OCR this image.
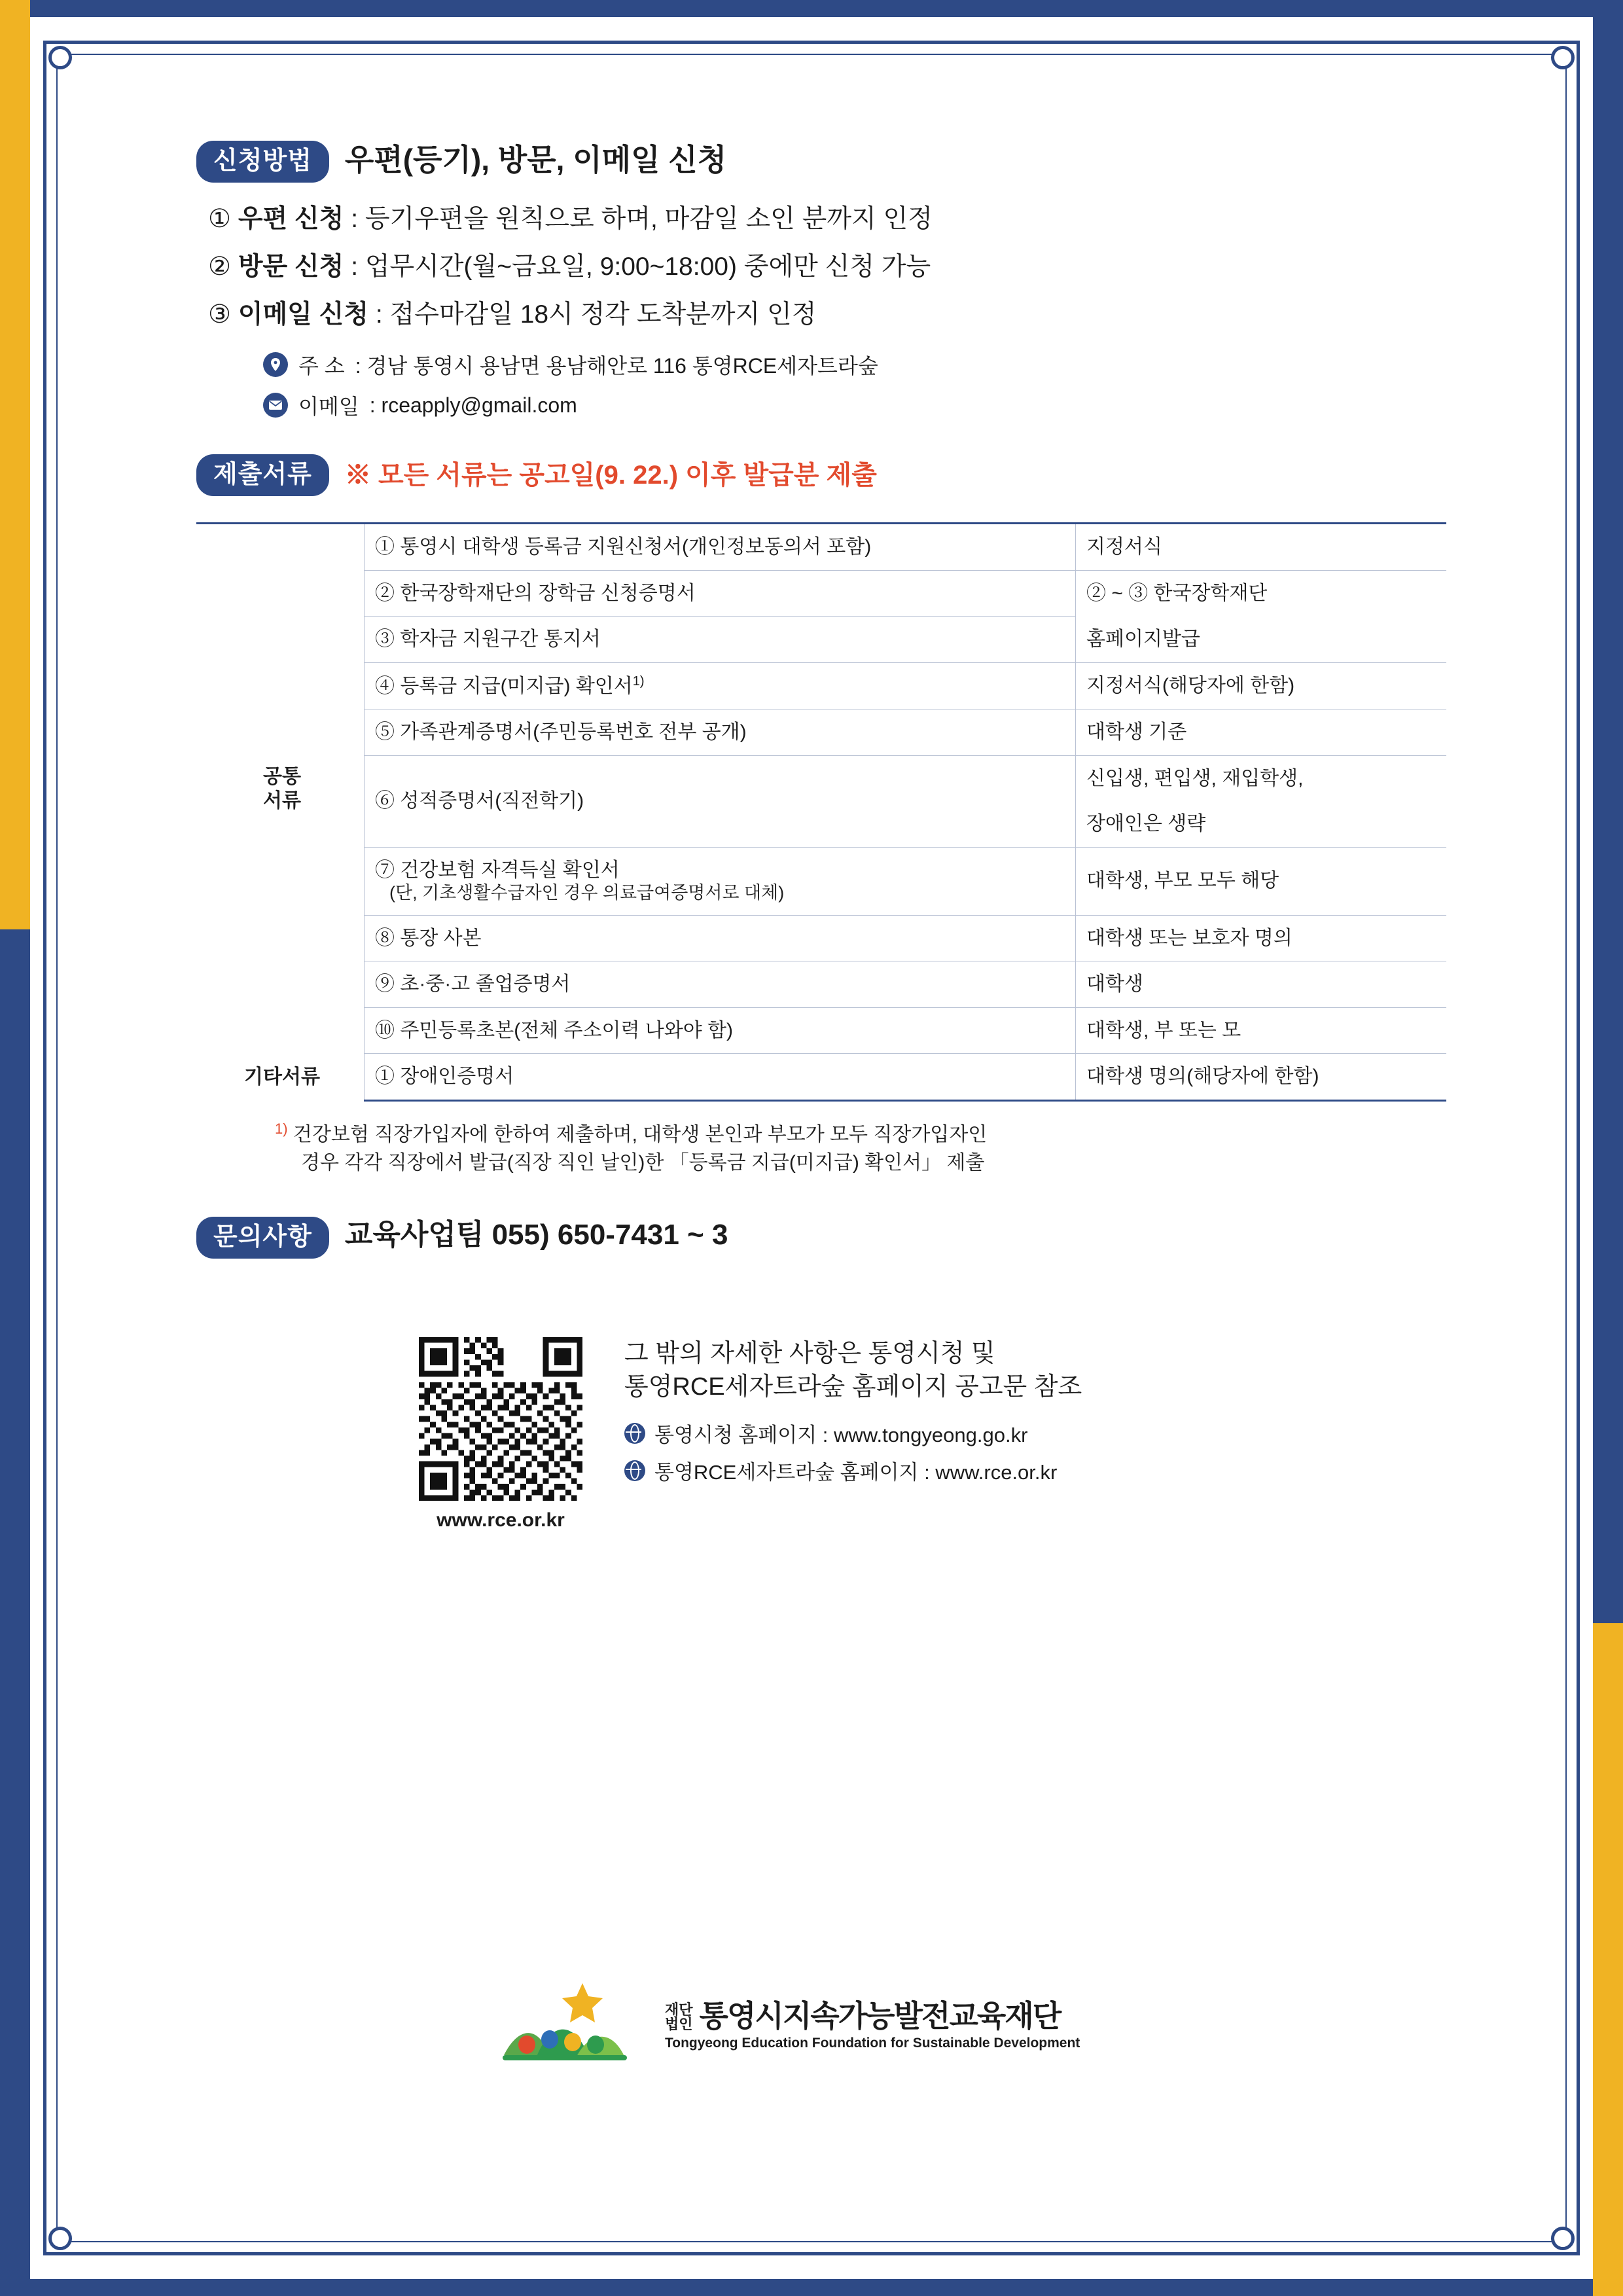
신청방법	우편(등기), 방문, 이메일 신청
① 우편 신청 : 등기우편을 원칙으로 하며, 마감일 소인 분까지 인정
② 방문 신청 : 업무시간(월~금요일, 9:00~18:00) 중에만 신청 가능
③ 이메일 신청 : 접수마감일 18시 정각 도착분까지 인정
주 소 : 경남 통영시 용남면 용남해안로 116 통영RCE세자트라숲
이메일 : rceapply@gmail.com
제출서류	※ 모든 서류는 공고일(9. 22.) 이후 발급분 제출
공통
서류	① 통영시 대학생 등록금 지원신청서(개인정보동의서 포함)	지정서식
	② 한국장학재단의 장학금 신청증명서	② ~ ③ 한국장학재단
	③ 학자금 지원구간 통지서	홈페이지발급
	④ 등록금 지급(미지급) 확인서$^{1)}$	지정서식(해당자에 한함)
	⑤ 가족관계증명서(주민등록번호 전부 공개)	대학생 기준
	⑥ 성적증명서(직전학기)	신입생, 편입생, 재입학생,
		장애인은 생략

	⑦ 건강보험 자격득실 확인서
(단, 기초생활수급자인 경우 의료급여증명서로 대체)	대학생, 부모 모두 해당
	⑧ 통장 사본	대학생 또는 보호자 명의
	⑨ 초·중·고 졸업증명서	대학생
	⑩ 주민등록초본(전체 주소이력 나와야 함)	대학생, 부 또는 모
기타서류	① 장애인증명서	대학생 명의(해당자에 한함)
$^{1)}$ 건강보험 직장가입자에 한하여 제출하며, 대학생 본인과 부모가 모두 직장가입자인
경우 각각 직장에서 발급(직장 직인 날인)한 「등록금 지급(미지급) 확인서」 제출
문의사항	교육사업팀 055) 650-7431 ~ 3
www.rce.or.kr
그 밖의 자세한 사항은 통영시청 및
통영RCE세자트라숲 홈페이지 공고문 참조
통영시청 홈페이지 : www.tongyeong.go.kr
통영RCE세자트라숲 홈페이지 : www.rce.or.kr
재단
법인 통영시지속가능발전교육재단
Tongyeong Education Foundation for Sustainable Development
